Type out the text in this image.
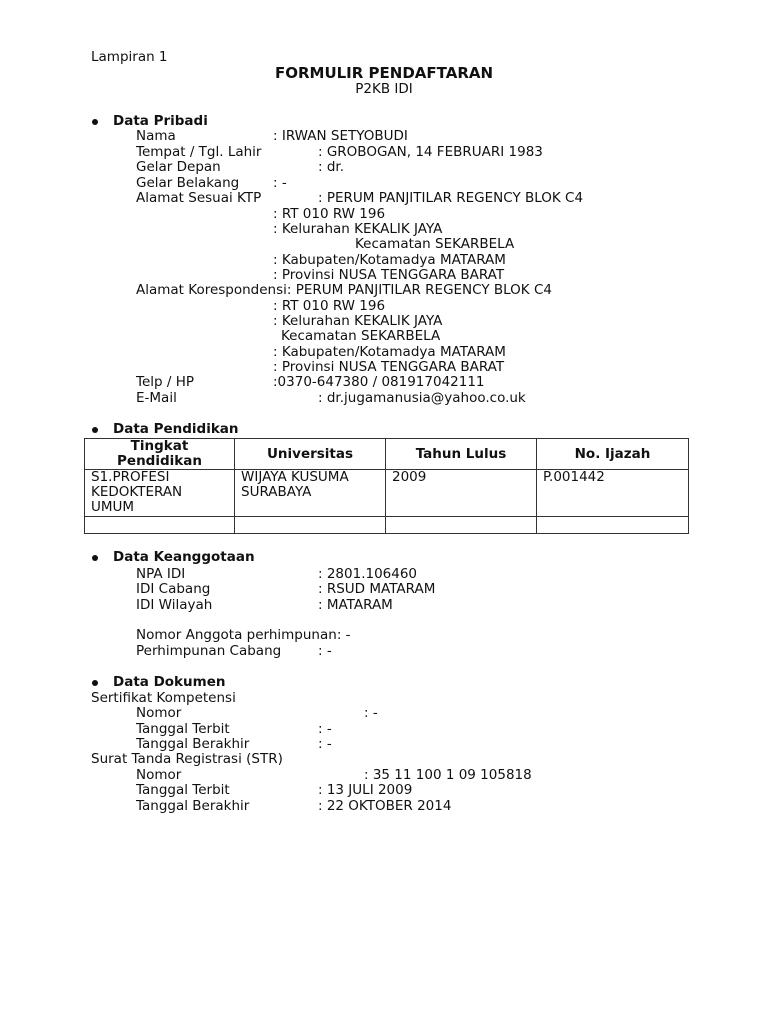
Lampiran 1
FORMULIR PENDAFTARAN
P2KB IDI
Data Pribadi
Nama	: IRWAN SETYOBUDI
Tempat / Tgl. Lahir	: GROBOGAN, 14 FEBRUARI 1983
Gelar Depan	: dr.
Gelar Belakang	: -
Alamat Sesuai KTP	: PERUM PANJITILAR REGENCY BLOK C4
: RT 010 RW 196
: Kelurahan KEKALIK JAYA
Kecamatan SEKARBELA
: Kabupaten/Kotamadya MATARAM
: Provinsi NUSA TENGGARA BARAT
Alamat Korespondensi: PERUM PANJITILAR REGENCY BLOK C4
: RT 010 RW 196
: Kelurahan KEKALIK JAYA
Kecamatan SEKARBELA
: Kabupaten/Kotamadya MATARAM
: Provinsi NUSA TENGGARA BARAT
Telp / HP	:0370-647380 / 081917042111
E-Mail	: dr.jugamanusia@yahoo.co.uk
Data Pendidikan
Tingkat Pendidikan	Universitas	Tahun Lulus	No. Ijazah
S1.PROFESI KEDOKTERAN UMUM	WIJAYA KUSUMA SURABAYA	2009	P.001442

Data Keanggotaan
NPA IDI	: 2801.106460
IDI Cabang	: RSUD MATARAM
IDI Wilayah	: MATARAM
Nomor Anggota perhimpunan: -
Perhimpunan Cabang	: -
Data Dokumen
Sertifikat Kompetensi
Nomor	: -
Tanggal Terbit	: -
Tanggal Berakhir	: -
Surat Tanda Registrasi (STR)
Nomor	: 35 11 100 1 09 105818
Tanggal Terbit	: 13 JULI 2009
Tanggal Berakhir	: 22 OKTOBER 2014
